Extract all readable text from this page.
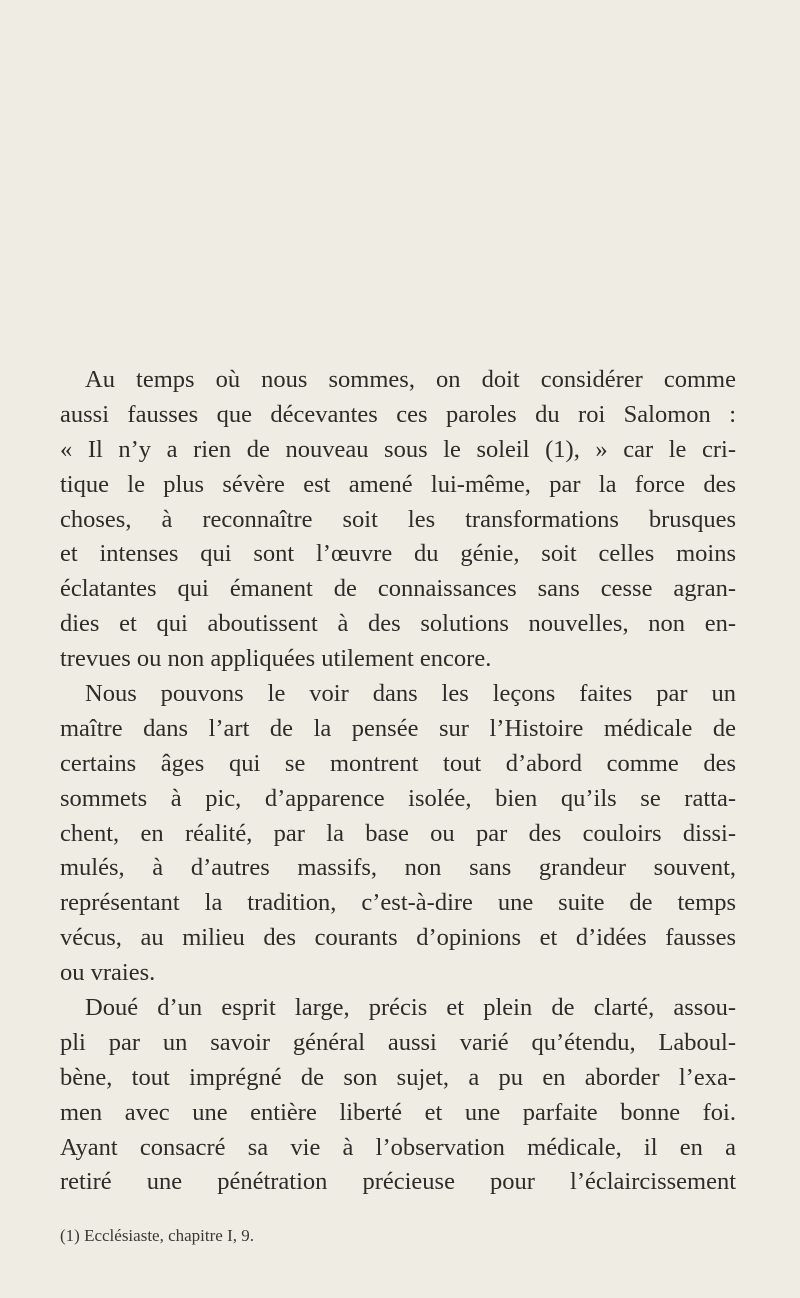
Au temps où nous sommes, on doit considérer comme
aussi fausses que décevantes ces paroles du roi Salomon :
« Il n’y a rien de nouveau sous le soleil (1), » car le cri-
tique le plus sévère est amené lui-même, par la force des
choses, à reconnaître soit les transformations brusques
et intenses qui sont l’œuvre du génie, soit celles moins
éclatantes qui émanent de connaissances sans cesse agran-
dies et qui aboutissent à des solutions nouvelles, non en-
trevues ou non appliquées utilement encore.
Nous pouvons le voir dans les leçons faites par un
maître dans l’art de la pensée sur l’Histoire médicale de
certains âges qui se montrent tout d’abord comme des
sommets à pic, d’apparence isolée, bien qu’ils se ratta-
chent, en réalité, par la base ou par des couloirs dissi-
mulés, à d’autres massifs, non sans grandeur souvent,
représentant la tradition, c’est-à-dire une suite de temps
vécus, au milieu des courants d’opinions et d’idées fausses
ou vraies.
Doué d’un esprit large, précis et plein de clarté, assou-
pli par un savoir général aussi varié qu’étendu, Laboul-
bène, tout imprégné de son sujet, a pu en aborder l’exa-
men avec une entière liberté et une parfaite bonne foi.
Ayant consacré sa vie à l’observation médicale, il en a
retiré une pénétration précieuse pour l’éclaircissement
(1) Ecclésiaste, chapitre I, 9.
